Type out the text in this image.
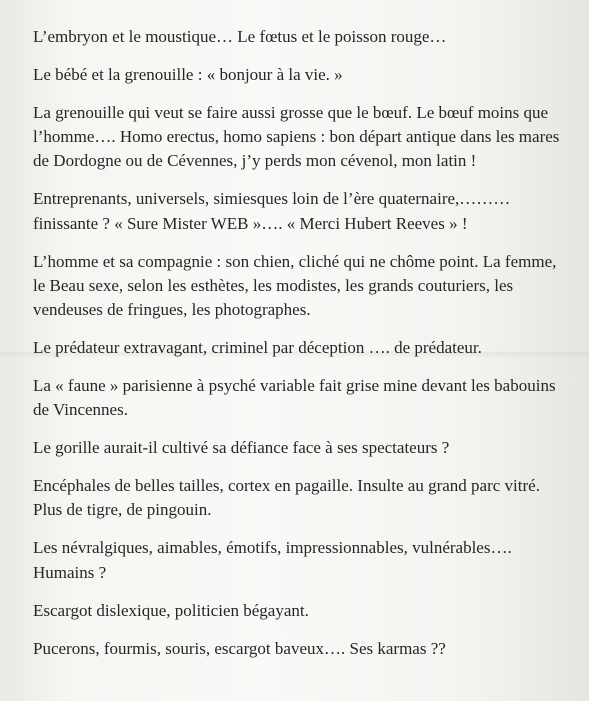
L’embryon et le moustique… Le fœtus et le poisson rouge…

Le bébé et la grenouille : « bonjour à la vie. »

La grenouille qui veut se faire aussi grosse que le bœuf. Le bœuf moins que l’homme…. Homo erectus, homo sapiens : bon départ antique dans les mares de Dordogne ou de Cévennes, j’y perds mon cévenol, mon latin !

Entreprenants, universels, simiesques loin de l’ère quaternaire,……… finissante ? « Sure Mister WEB »…. « Merci Hubert Reeves » !

L’homme et sa compagnie : son chien, cliché qui ne chôme point. La femme, le Beau sexe, selon les esthètes, les modistes, les grands couturiers, les vendeuses de fringues, les photographes.

Le prédateur extravagant, criminel par déception …. de prédateur.

La « faune » parisienne à psyché variable fait grise mine devant les babouins de Vincennes.

Le gorille aurait-il cultivé sa défiance face à ses spectateurs ?

Encéphales de belles tailles, cortex en pagaille. Insulte au grand parc vitré. Plus de tigre, de pingouin.

Les névralgiques, aimables, émotifs, impressionnables, vulnérables…. Humains ?

Escargot dislexique, politicien bégayant.

Pucerons, fourmis, souris, escargot baveux…. Ses karmas ??
